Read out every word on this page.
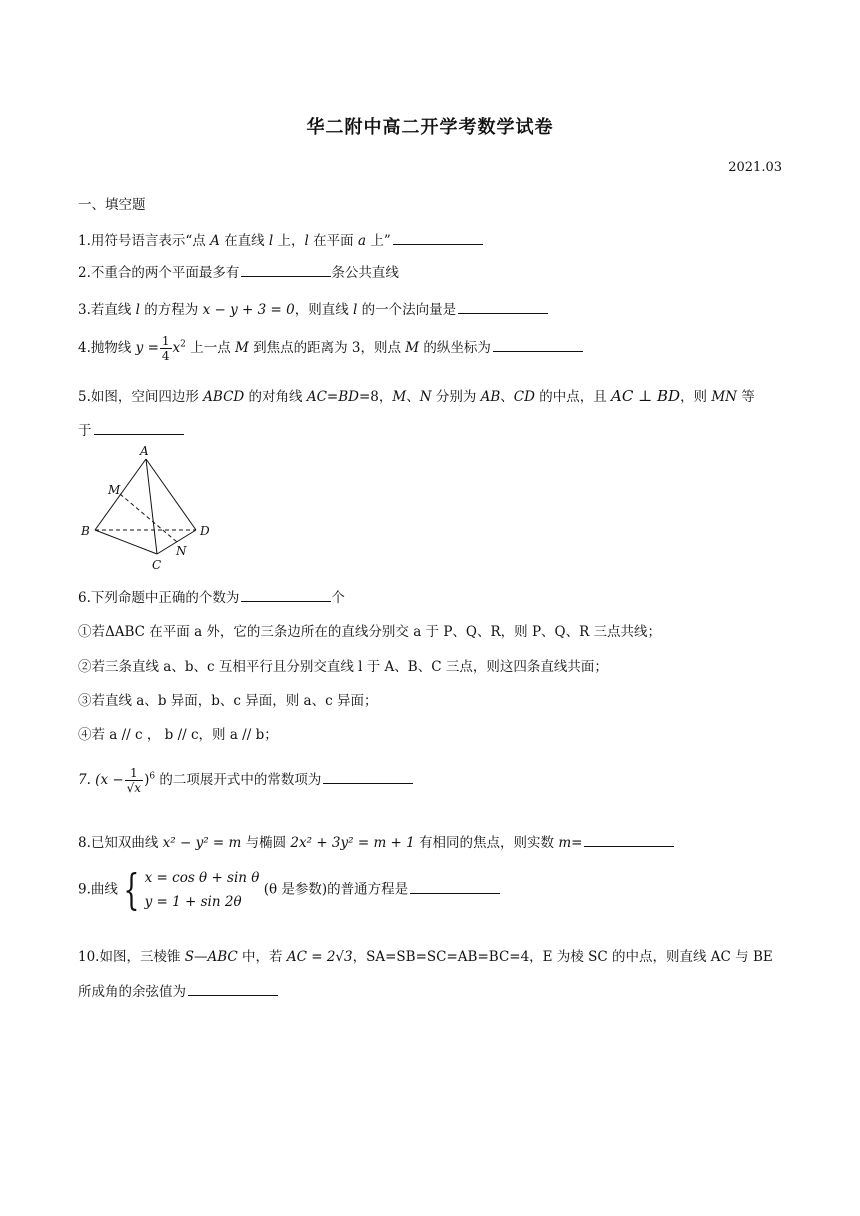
华二附中高二开学考数学试卷
2021.03
一、填空题
1.用符号语言表示“点 A 在直线 l 上，l 在平面 a 上”
2.不重合的两个平面最多有	条公共直线
3.若直线 l 的方程为 x − y + 3 = 0，则直线 l 的一个法向量是
4.抛物线 $y = \frac{1}{4} x^2$ 上一点 M 到焦点的距离为 3，则点 M 的纵坐标为
5.如图，空间四边形 ABCD 的对角线 AC=BD=8，M、N 分别为 AB、CD 的中点，且 AC ⊥ BD，则 MN 等
于
A
B
C
D
M
N
6.下列命题中正确的个数为	个
①若ΔABC 在平面 a 外，它的三条边所在的直线分别交 a 于 P、Q、R，则 P、Q、R 三点共线；
②若三条直线 a、b、c 互相平行且分别交直线 l 于 A、B、C 三点，则这四条直线共面；
③若直线 a、b 异面，b、c 异面，则 a、c 异面；
④若 a // c ， b // c，则 a // b；
7. $(x - \frac{1}{√x} )^6$ 的二项展开式中的常数项为
8.已知双曲线 x² − y² = m 与椭圆 2x² + 3y² = m + 1 有相同的焦点，则实数 m=
9.曲线 { x = cos θ + sin θ
y = 1 + sin 2θ
(θ 是参数)的普通方程是
10.如图，三棱锥 S—ABC 中，若 AC = 2√3，SA=SB=SC=AB=BC=4，E 为棱 SC 的中点，则直线 AC 与 BE
所成角的余弦值为
